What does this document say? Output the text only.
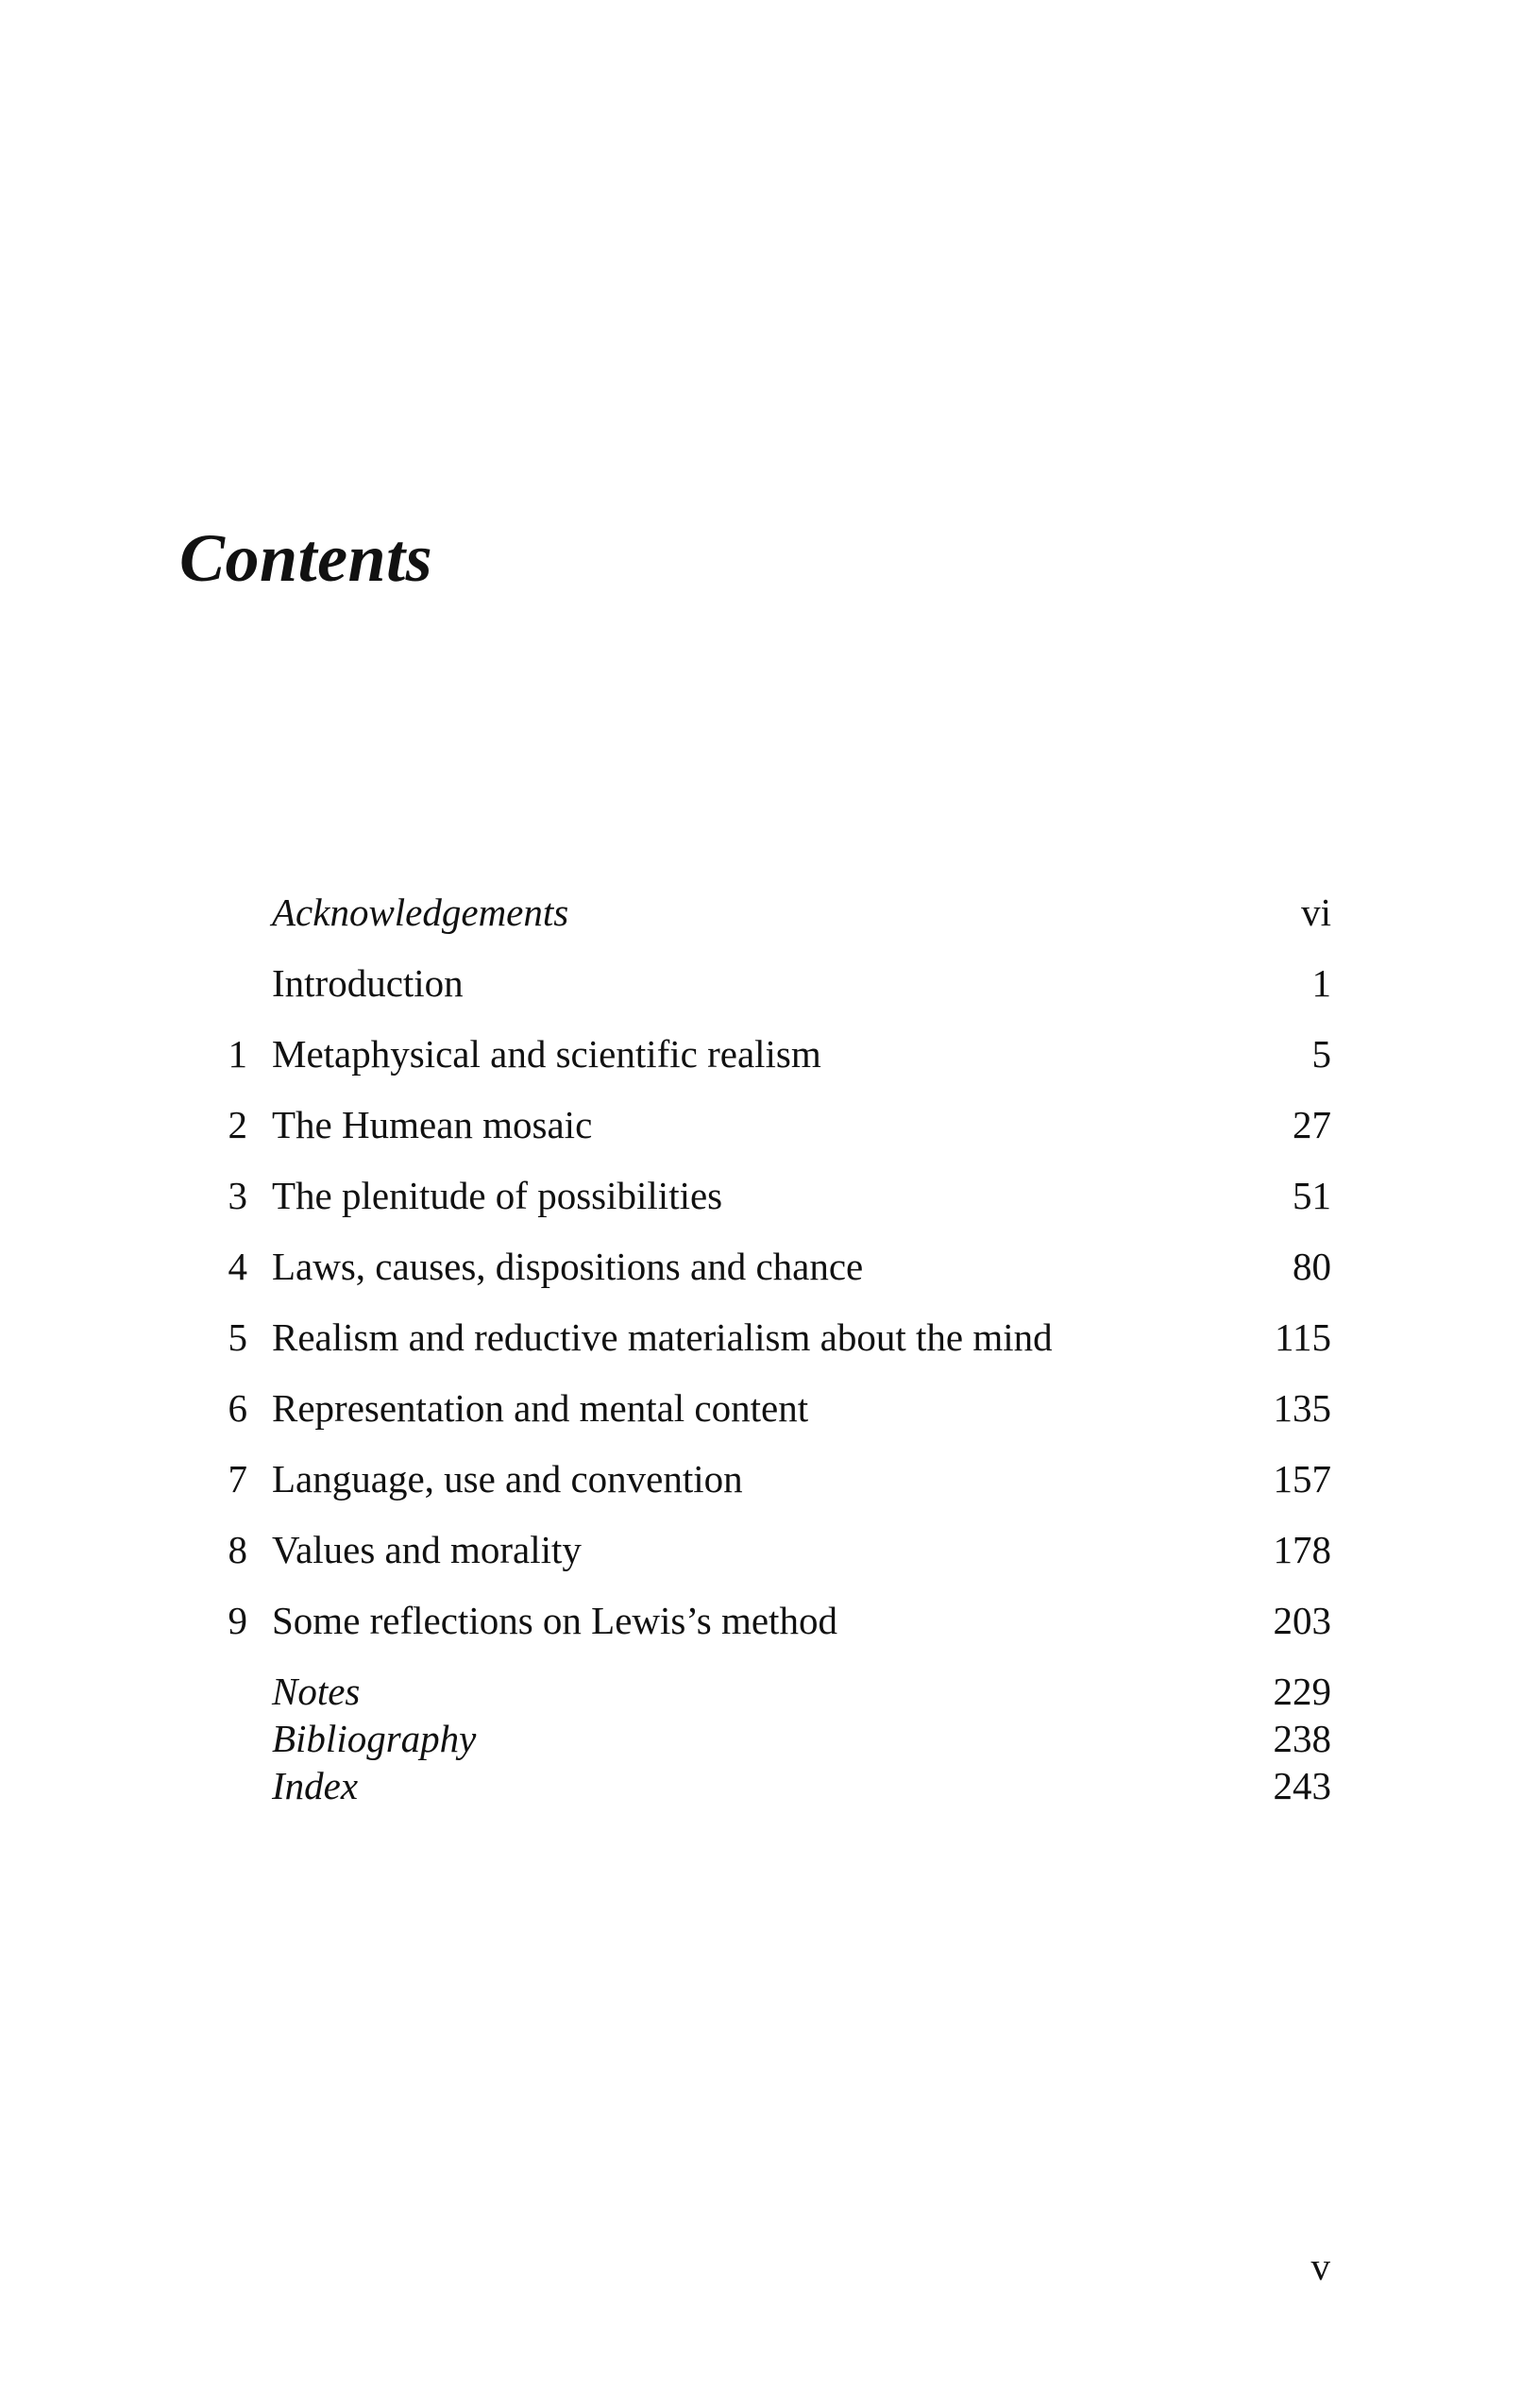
Contents
Acknowledgements	vi
Introduction	1
1 Metaphysical and scientific realism	5
2 The Humean mosaic	27
3 The plenitude of possibilities	51
4 Laws, causes, dispositions and chance	80
5 Realism and reductive materialism about the mind	115
6 Representation and mental content	135
7 Language, use and convention	157
8 Values and morality	178
9 Some reflections on Lewis’s method	203
Notes	229
Bibliography	238
Index	243
v
